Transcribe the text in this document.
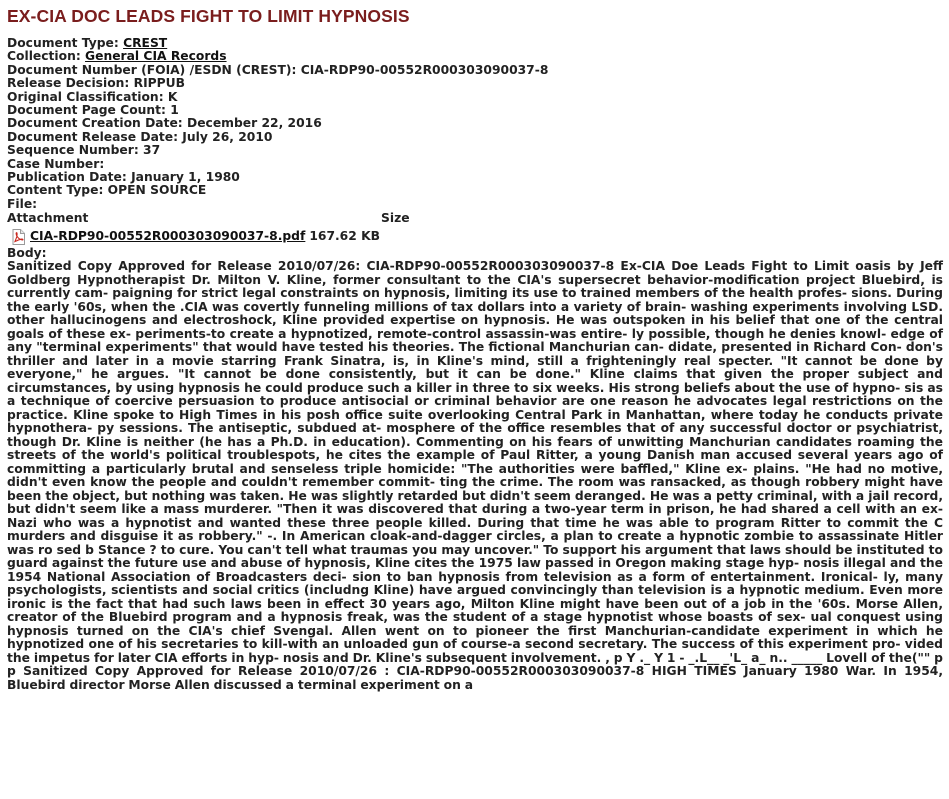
EX-CIA DOC LEADS FIGHT TO LIMIT HYPNOSIS
Document Type: CREST
Collection: General CIA Records
Document Number (FOIA) /ESDN (CREST): CIA-RDP90-00552R000303090037-8
Release Decision: RIPPUB
Original Classification: K
Document Page Count: 1
Document Creation Date: December 22, 2016
Document Release Date: July 26, 2010
Sequence Number: 37
Case Number:
Publication Date: January 1, 1980
Content Type: OPEN SOURCE
File:
Attachment	Size
CIA-RDP90-00552R000303090037-8.pdf 167.62 KB
Body:

Sanitized Copy Approved for Release 2010/07/26: CIA-RDP90-00552R000303090037-8 Ex-CIA Doe Leads Fight to Limit oasis by Jeff Goldberg Hypnotherapist Dr. Milton V. Kline, former consultant to the CIA's supersecret behavior-modification project Bluebird, is currently cam- paigning for strict legal constraints on hypnosis, limiting its use to trained members of the health profes- sions. During the early '60s, when the .CIA was covertly funneling millions of tax dollars into a variety of brain- washing experiments involving LSD. other hallucinogens and electroshock, Kline provided expertise on hypnosis. He was outspoken in his belief that one of the central goals of these ex- periments-to create a hypnotized, remote-control assassin-was entire- ly possible, though he denies knowl- edge of any "terminal experiments" that would have tested his theories. The fictional Manchurian can- didate, presented in Richard Con- don's thriller and later in a movie starring Frank Sinatra, is, in Kline's mind, still a frighteningly real specter. "It cannot be done by everyone," he argues. "It cannot be done consistently, but it can be done." Kline claims that given the proper subject and circumstances, by using hypnosis he could produce such a killer in three to six weeks. His strong beliefs about the use of hypno- sis as a technique of coercive persuasion to produce antisocial or criminal behavior are one reason he advocates legal restrictions on the practice. Kline spoke to High Times in his posh office suite overlooking Central Park in Manhattan, where today he conducts private hypnothera- py sessions. The antiseptic, subdued at- mosphere of the office resembles that of any successful doctor or psychiatrist, though Dr. Kline is neither (he has a Ph.D. in education). Commenting on his fears of unwitting Manchurian candidates roaming the streets of the world's political troublespots, he cites the example of Paul Ritter, a young Danish man accused several years ago of committing a particularly brutal and senseless triple homicide: "The authorities were baffled," Kline ex- plains. "He had no motive, didn't even know the people and couldn't remember commit- ting the crime. The room was ransacked, as though robbery might have been the object, but nothing was taken. He was slightly retarded but didn't seem deranged. He was a petty criminal, with a jail record, but didn't seem like a mass murderer. "Then it was discovered that during a two-year term in prison, he had shared a cell with an ex-Nazi who was a hypnotist and wanted these three people killed. During that time he was able to program Ritter to commit the C murders and disguise it as robbery." -. In American cloak-and-dagger circles, a plan to create a hypnotic zombie to assassinate Hitler was ro sed b Stance ? to cure. You can't tell what traumas you may uncover." To support his argument that laws should be instituted to guard against the future use and abuse of hypnosis, Kline cites the 1975 law passed in Oregon making stage hyp- nosis illegal and the 1954 National Association of Broadcasters deci- sion to ban hypnosis from television as a form of entertainment. Ironical- ly, many psychologists, scientists and social critics (includng Kline) have argued convincingly than television is a hypnotic medium. Even more ironic is the fact that had such laws been in effect 30 years ago, Milton Kline might have been out of a job in the '60s. Morse Allen, creator of the Bluebird program and a hypnosis freak, was the student of a stage hypnotist whose boasts of sex- ual conquest using hypnosis turned on the CIA's chief Svengal. Allen went on to pioneer the first Manchurian-candidate experiment in which he hypnotized one of his secretaries to kill-with an unloaded gun of course-a second secretary. The success of this experiment pro- vided the impetus for later CIA efforts in hyp- nosis and Dr. Kline's subsequent involvement. , p Y ._ Y 1 - _.L__ _'L_ a_ n.. _____ Lovell of the("" p p Sanitized Copy Approved for Release 2010/07/26 : CIA-RDP90-00552R000303090037-8 HIGH TIMES January 1980 War. In 1954, Bluebird director Morse Allen discussed a terminal experiment on a
